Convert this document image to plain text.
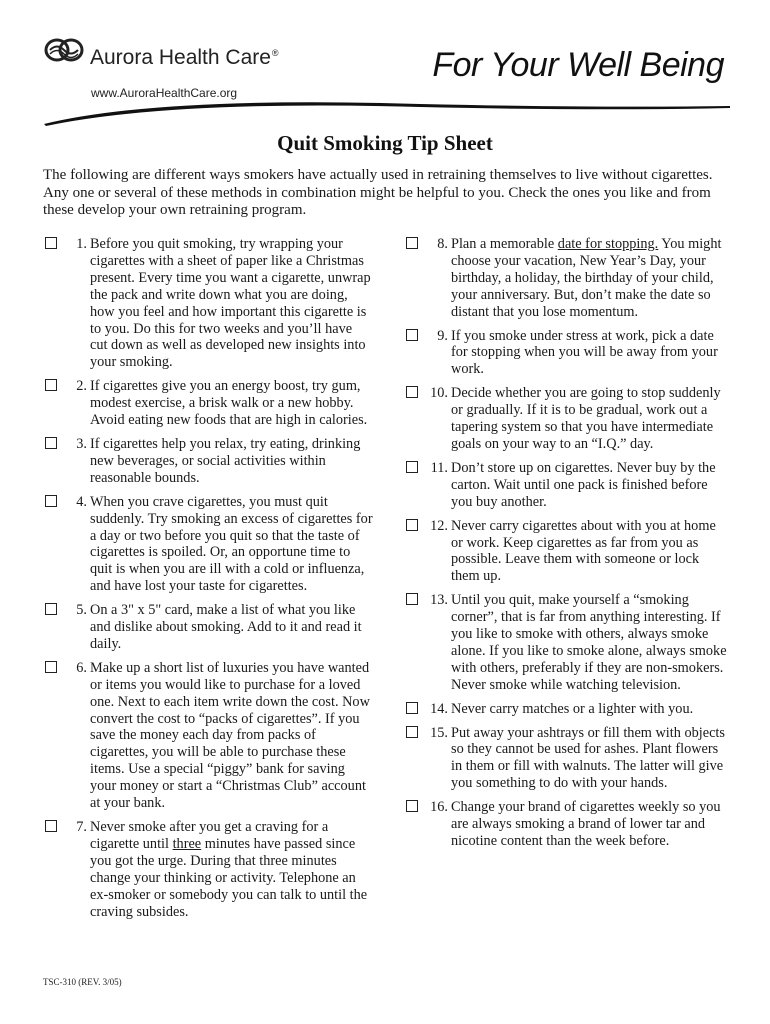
Aurora Health Care®
www.AuroraHealthCare.org
For Your Well Being
Quit Smoking Tip Sheet
The following are different ways smokers have actually used in retraining themselves to live without cigarettes. Any one or several of these methods in combination might be helpful to you. Check the ones you like and from these develop your own retraining program.
1. Before you quit smoking, try wrapping your cigarettes with a sheet of paper like a Christmas present. Every time you want a cigarette, unwrap the pack and write down what you are doing, how you feel and how important this cigarette is to you. Do this for two weeks and you’ll have cut down as well as developed new insights into your smoking.
2. If cigarettes give you an energy boost, try gum, modest exercise, a brisk walk or a new hobby. Avoid eating new foods that are high in calories.
3. If cigarettes help you relax, try eating, drinking new beverages, or social activities within reasonable bounds.
4. When you crave cigarettes, you must quit suddenly. Try smoking an excess of cigarettes for a day or two before you quit so that the taste of cigarettes is spoiled. Or, an opportune time to quit is when you are ill with a cold or influenza, and have lost your taste for cigarettes.
5. On a 3" x 5" card, make a list of what you like and dislike about smoking. Add to it and read it daily.
6. Make up a short list of luxuries you have wanted or items you would like to purchase for a loved one. Next to each item write down the cost. Now convert the cost to “packs of cigarettes”. If you save the money each day from packs of cigarettes, you will be able to purchase these items. Use a special “piggy” bank for saving your money or start a “Christmas Club” account at your bank.
7. Never smoke after you get a craving for a cigarette until three minutes have passed since you got the urge. During that three minutes change your thinking or activity. Telephone an ex-smoker or somebody you can talk to until the craving subsides.
8. Plan a memorable date for stopping. You might choose your vacation, New Year’s Day, your birthday, a holiday, the birthday of your child, your anniversary. But, don’t make the date so distant that you lose momentum.
9. If you smoke under stress at work, pick a date for stopping when you will be away from your work.
10. Decide whether you are going to stop suddenly or gradually. If it is to be gradual, work out a tapering system so that you have intermediate goals on your way to an “I.Q.” day.
11. Don’t store up on cigarettes. Never buy by the carton. Wait until one pack is finished before you buy another.
12. Never carry cigarettes about with you at home or work. Keep cigarettes as far from you as possible. Leave them with someone or lock them up.
13. Until you quit, make yourself a “smoking corner”, that is far from anything interesting. If you like to smoke with others, always smoke alone. If you like to smoke alone, always smoke with others, preferably if they are non-smokers. Never smoke while watching television.
14. Never carry matches or a lighter with you.
15. Put away your ashtrays or fill them with objects so they cannot be used for ashes. Plant flowers in them or fill with walnuts. The latter will give you something to do with your hands.
16. Change your brand of cigarettes weekly so you are always smoking a brand of lower tar and nicotine content than the week before.
TSC-310 (REV. 3/05)
